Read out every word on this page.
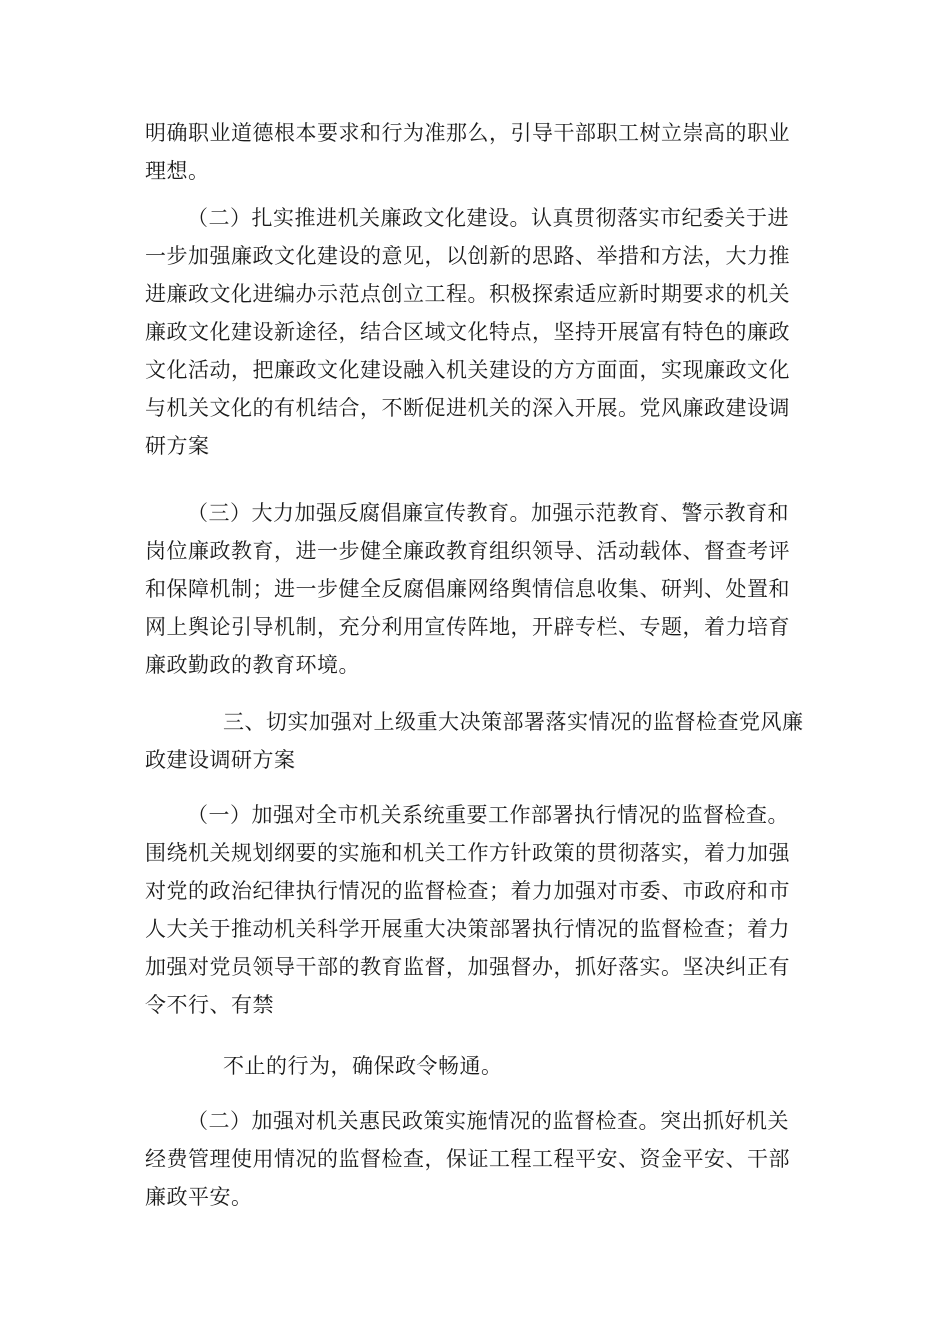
明确职业道德根本要求和行为准那么，引导干部职工树立崇高的职业理想。

（二）扎实推进机关廉政文化建设。认真贯彻落实市纪委关于进一步加强廉政文化建设的意见，以创新的思路、举措和方法，大力推进廉政文化进编办示范点创立工程。积极探索适应新时期要求的机关廉政文化建设新途径，结合区域文化特点，坚持开展富有特色的廉政文化活动，把廉政文化建设融入机关建设的方方面面，实现廉政文化与机关文化的有机结合，不断促进机关的深入开展。党风廉政建设调研方案

（三）大力加强反腐倡廉宣传教育。加强示范教育、警示教育和岗位廉政教育，进一步健全廉政教育组织领导、活动载体、督查考评和保障机制；进一步健全反腐倡廉网络舆情信息收集、研判、处置和网上舆论引导机制，充分利用宣传阵地，开辟专栏、专题，着力培育廉政勤政的教育环境。

三、切实加强对上级重大决策部署落实情况的监督检查党风廉政建设调研方案

（一）加强对全市机关系统重要工作部署执行情况的监督检查。围绕机关规划纲要的实施和机关工作方针政策的贯彻落实，着力加强对党的政治纪律执行情况的监督检查；着力加强对市委、市政府和市人大关于推动机关科学开展重大决策部署执行情况的监督检查；着力加强对党员领导干部的教育监督，加强督办，抓好落实。坚决纠正有令不行、有禁

不止的行为，确保政令畅通。

（二）加强对机关惠民政策实施情况的监督检查。突出抓好机关经费管理使用情况的监督检查，保证工程工程平安、资金平安、干部廉政平安。
